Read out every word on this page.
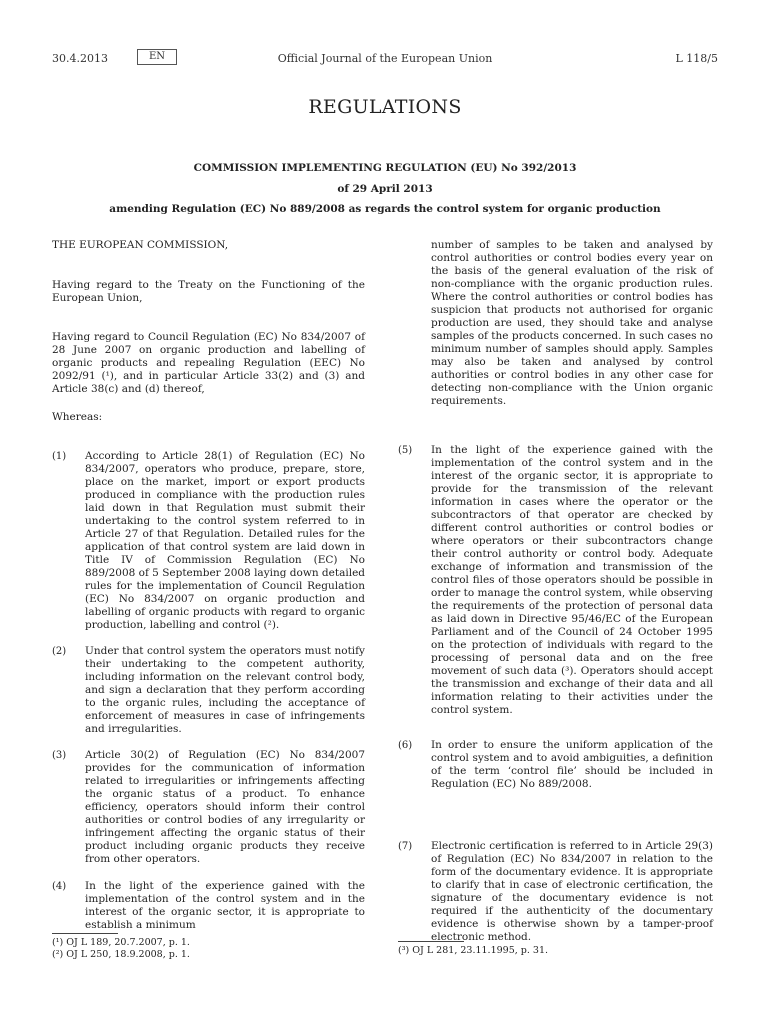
30.4.2013	EN	Official Journal of the European Union	L 118/5
REGULATIONS
COMMISSION IMPLEMENTING REGULATION (EU) No 392/2013
of 29 April 2013
amending Regulation (EC) No 889/2008 as regards the control system for organic production
THE EUROPEAN COMMISSION,
Having regard to the Treaty on the Functioning of the European Union,
Having regard to Council Regulation (EC) No 834/2007 of 28 June 2007 on organic production and labelling of organic products and repealing Regulation (EEC) No 2092/91 (¹), and in particular Article 33(2) and (3) and Article 38(c) and (d) thereof,
Whereas:
(1) According to Article 28(1) of Regulation (EC) No 834/2007, operators who produce, prepare, store, place on the market, import or export products produced in compliance with the production rules laid down in that Regulation must submit their undertaking to the control system referred to in Article 27 of that Regulation. Detailed rules for the application of that control system are laid down in Title IV of Commission Regulation (EC) No 889/2008 of 5 September 2008 laying down detailed rules for the implementation of Council Regulation (EC) No 834/2007 on organic production and labelling of organic products with regard to organic production, labelling and control (²).
(2) Under that control system the operators must notify their undertaking to the competent authority, including information on the relevant control body, and sign a declaration that they perform according to the organic rules, including the acceptance of enforcement of measures in case of infringements and irregularities.
(3) Article 30(2) of Regulation (EC) No 834/2007 provides for the communication of information related to irregularities or infringements affecting the organic status of a product. To enhance efficiency, operators should inform their control authorities or control bodies of any irregularity or infringement affecting the organic status of their product including organic products they receive from other operators.
(4) In the light of the experience gained with the implementation of the control system and in the interest of the organic sector, it is appropriate to establish a minimum
(¹) OJ L 189, 20.7.2007, p. 1.
(²) OJ L 250, 18.9.2008, p. 1.
number of samples to be taken and analysed by control authorities or control bodies every year on the basis of the general evaluation of the risk of non-compliance with the organic production rules. Where the control authorities or control bodies has suspicion that products not authorised for organic production are used, they should take and analyse samples of the products concerned. In such cases no minimum number of samples should apply. Samples may also be taken and analysed by control authorities or control bodies in any other case for detecting non-compliance with the Union organic requirements.
(5) In the light of the experience gained with the implementation of the control system and in the interest of the organic sector, it is appropriate to provide for the transmission of the relevant information in cases where the operator or the subcontractors of that operator are checked by different control authorities or control bodies or where operators or their subcontractors change their control authority or control body. Adequate exchange of information and transmission of the control files of those operators should be possible in order to manage the control system, while observing the requirements of the protection of personal data as laid down in Directive 95/46/EC of the European Parliament and of the Council of 24 October 1995 on the protection of individuals with regard to the processing of personal data and on the free movement of such data (³). Operators should accept the transmission and exchange of their data and all information relating to their activities under the control system.
(6) In order to ensure the uniform application of the control system and to avoid ambiguities, a definition of the term ‘control file’ should be included in Regulation (EC) No 889/2008.
(7) Electronic certification is referred to in Article 29(3) of Regulation (EC) No 834/2007 in relation to the form of the documentary evidence. It is appropriate to clarify that in case of electronic certification, the signature of the documentary evidence is not required if the authenticity of the documentary evidence is otherwise shown by a tamper-proof electronic method.
(³) OJ L 281, 23.11.1995, p. 31.
